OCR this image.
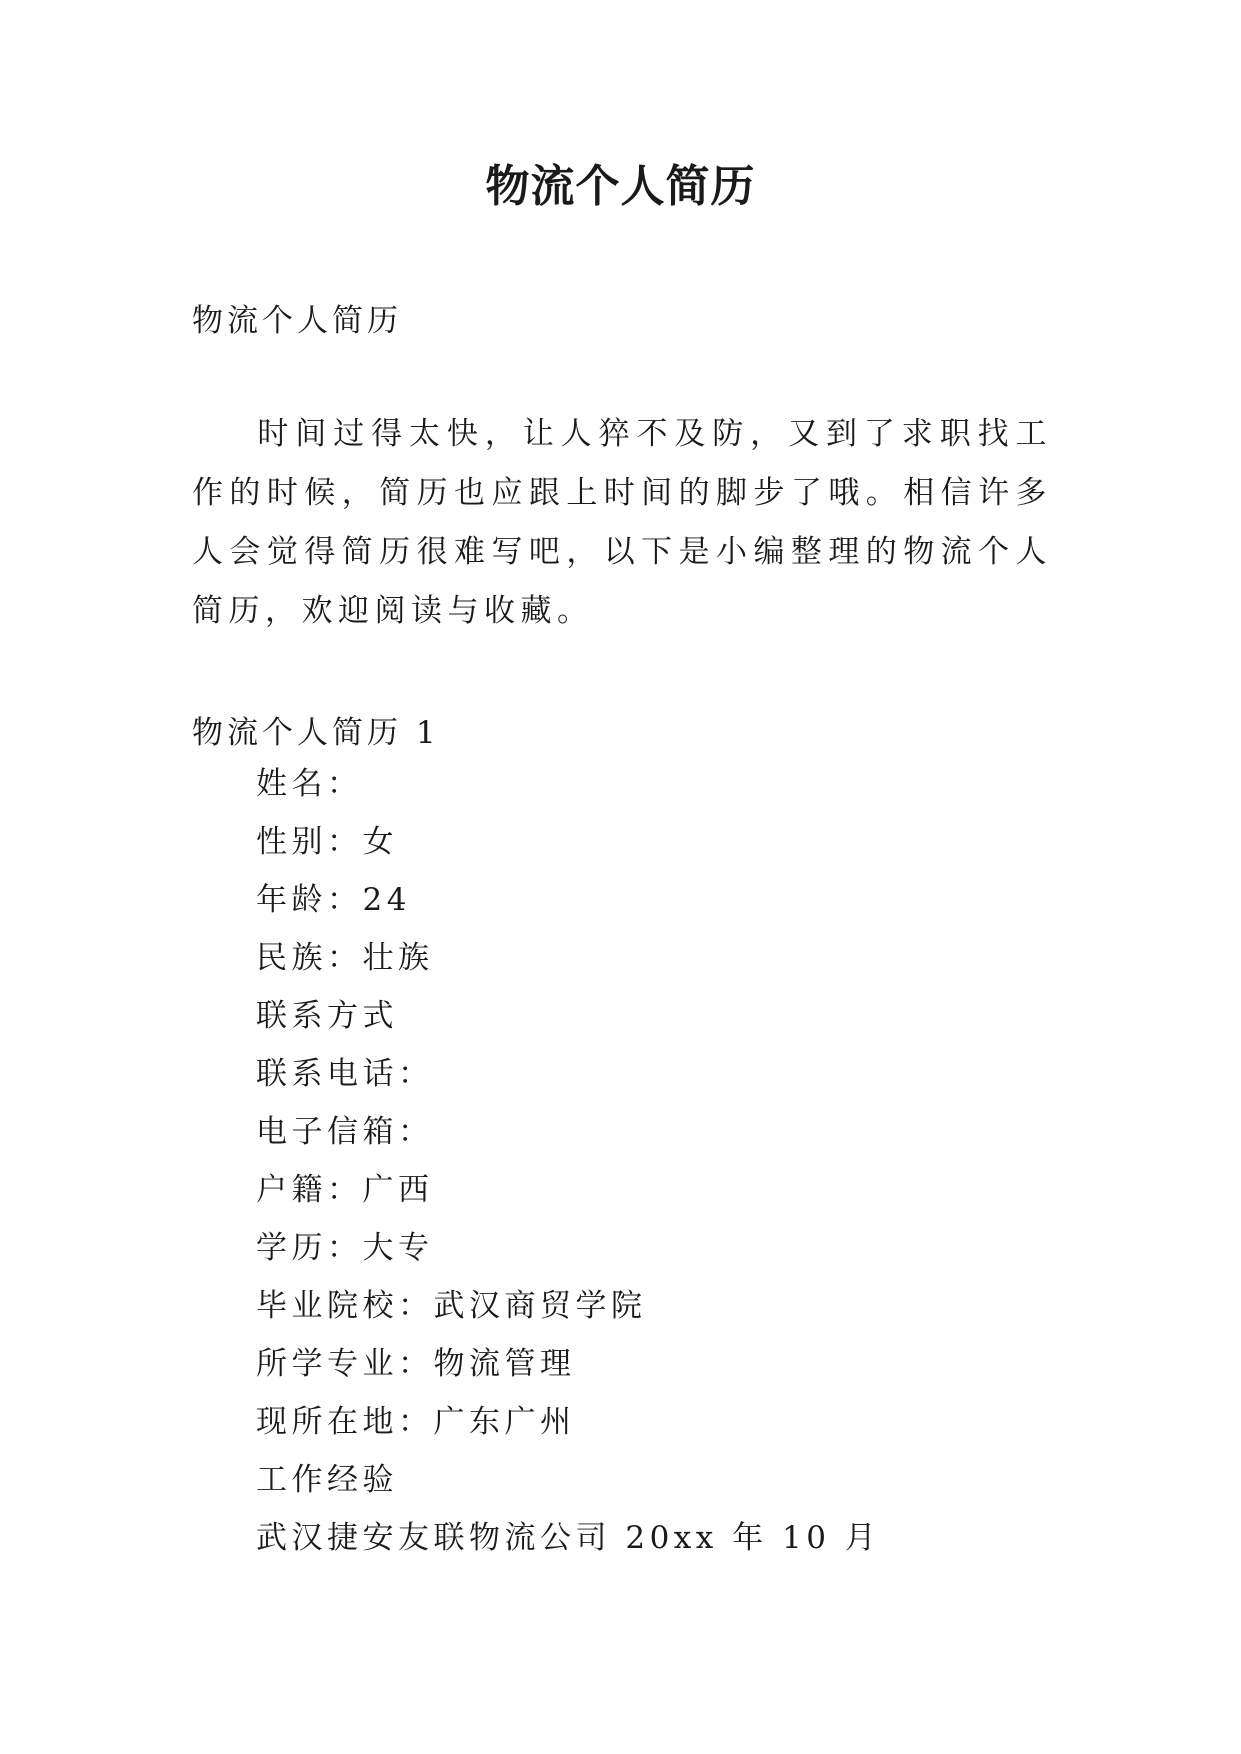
物流个人简历
物流个人简历

时间过得太快，让人猝不及防，又到了求职找工作的时候，简历也应跟上时间的脚步了哦。相信许多人会觉得简历很难写吧，以下是小编整理的物流个人简历，欢迎阅读与收藏。

物流个人简历 1
姓名：
性别：女
年龄：24
民族：壮族
联系方式
联系电话：
电子信箱：
户籍：广西
学历：大专
毕业院校：武汉商贸学院
所学专业：物流管理
现所在地：广东广州
工作经验
武汉捷安友联物流公司 20xx 年 10 月
